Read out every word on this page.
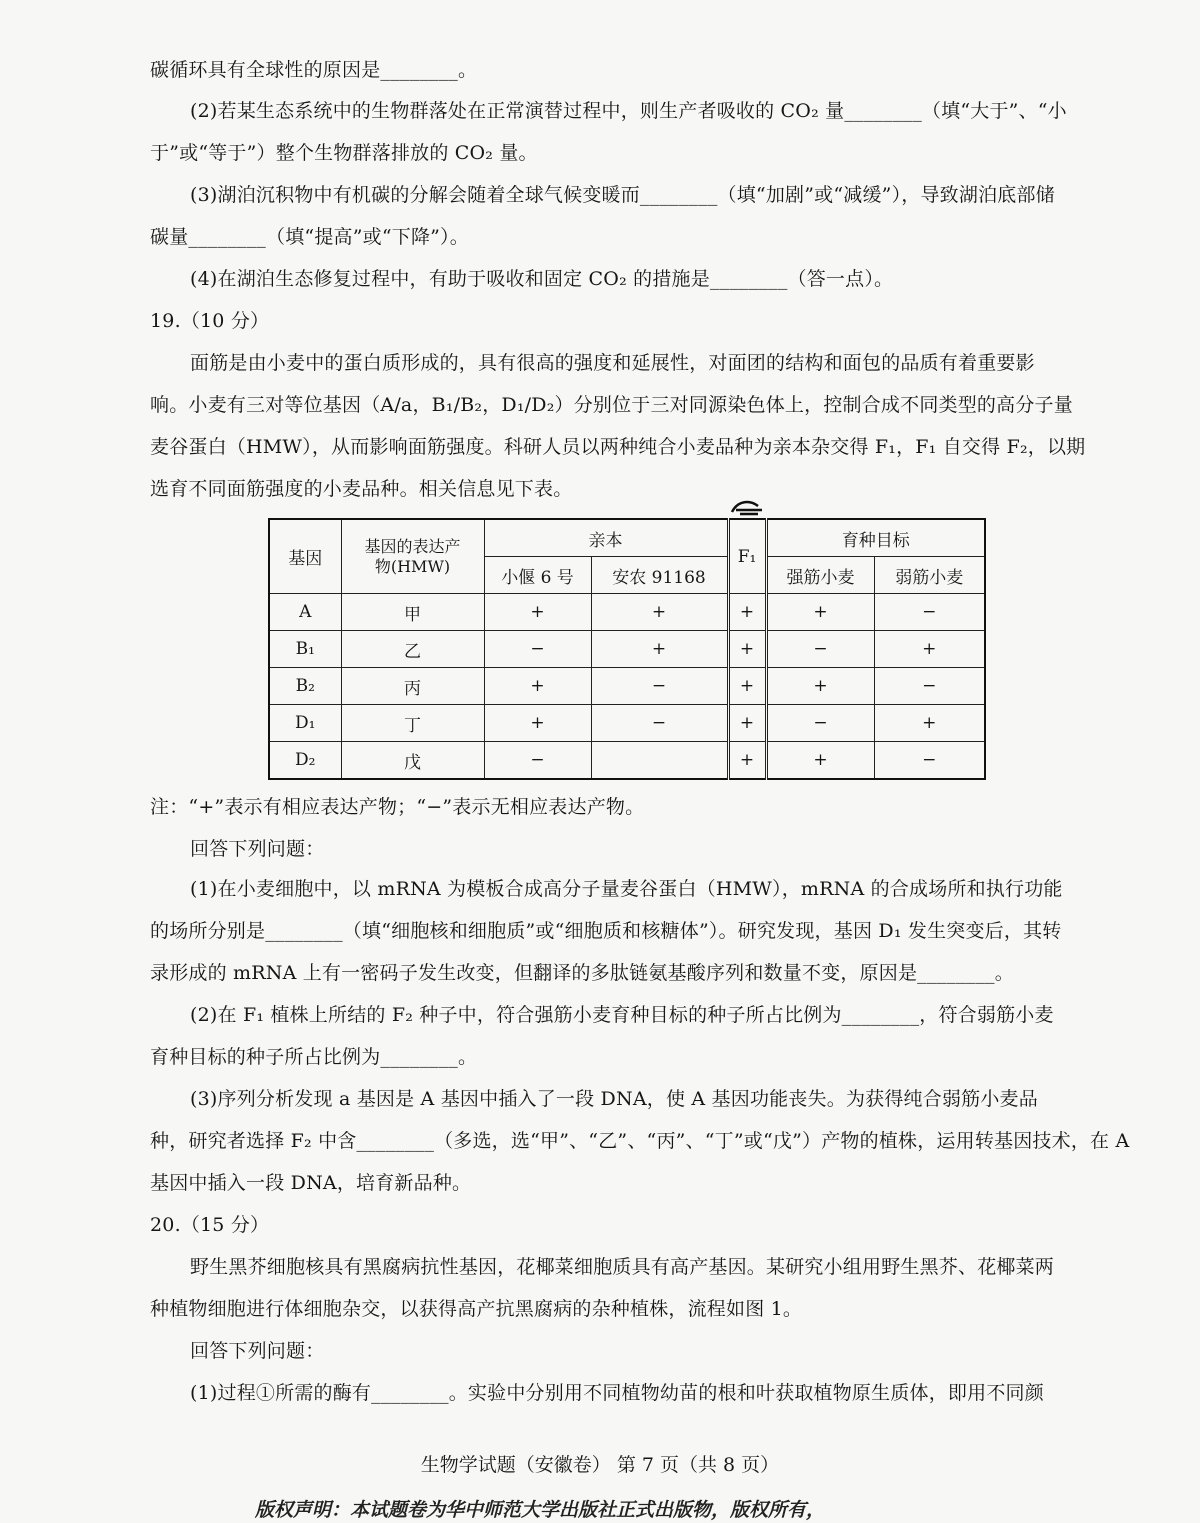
碳循环具有全球性的原因是________。
(2)若某生态系统中的生物群落处在正常演替过程中，则生产者吸收的 CO₂ 量________（填“大于”、“小
于”或“等于”）整个生物群落排放的 CO₂ 量。
(3)湖泊沉积物中有机碳的分解会随着全球气候变暖而________（填“加剧”或“减缓”），导致湖泊底部储
碳量________（填“提高”或“下降”）。
(4)在湖泊生态修复过程中，有助于吸收和固定 CO₂ 的措施是________（答一点）。
19.（10 分）
面筋是由小麦中的蛋白质形成的，具有很高的强度和延展性，对面团的结构和面包的品质有着重要影
响。小麦有三对等位基因（A/a，B₁/B₂，D₁/D₂）分别位于三对同源染色体上，控制合成不同类型的高分子量
麦谷蛋白（HMW），从而影响面筋强度。科研人员以两种纯合小麦品种为亲本杂交得 F₁，F₁ 自交得 F₂，以期
选育不同面筋强度的小麦品种。相关信息见下表。
基因	基因的表达产物(HMW)	亲本		F₁	育种目标	
		小偃 6 号	安农 91168		强筋小麦	弱筋小麦
A	甲	+	+	+	+	−
B₁	乙	−	+	+	−	+
B₂	丙	+	−	+	+	−
D₁	丁	+	−	+	−	+
D₂	戊	−		+	+	−
注：“+”表示有相应表达产物；“−”表示无相应表达产物。
回答下列问题：
(1)在小麦细胞中，以 mRNA 为模板合成高分子量麦谷蛋白（HMW），mRNA 的合成场所和执行功能
的场所分别是________（填“细胞核和细胞质”或“细胞质和核糖体”）。研究发现，基因 D₁ 发生突变后，其转
录形成的 mRNA 上有一密码子发生改变，但翻译的多肽链氨基酸序列和数量不变，原因是________。
(2)在 F₁ 植株上所结的 F₂ 种子中，符合强筋小麦育种目标的种子所占比例为________，符合弱筋小麦
育种目标的种子所占比例为________。
(3)序列分析发现 a 基因是 A 基因中插入了一段 DNA，使 A 基因功能丧失。为获得纯合弱筋小麦品
种，研究者选择 F₂ 中含________（多选，选“甲”、“乙”、“丙”、“丁”或“戊”）产物的植株，运用转基因技术，在 A
基因中插入一段 DNA，培育新品种。
20.（15 分）
野生黑芥细胞核具有黑腐病抗性基因，花椰菜细胞质具有高产基因。某研究小组用野生黑芥、花椰菜两
种植物细胞进行体细胞杂交，以获得高产抗黑腐病的杂种植株，流程如图 1。
回答下列问题：
(1)过程①所需的酶有________。实验中分别用不同植物幼苗的根和叶获取植物原生质体，即用不同颜
生物学试题（安徽卷） 第 7 页（共 8 页）
版权声明：本试题卷为华中师范大学出版社正式出版物，版权所有，
